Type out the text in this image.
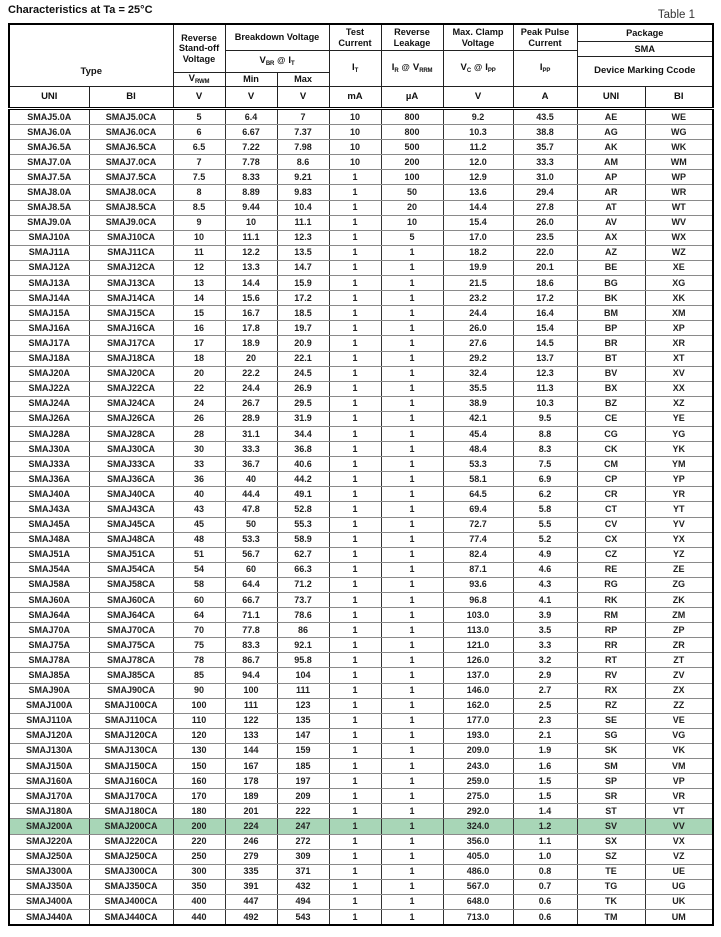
Characteristics at Ta = 25°C	Table 1
Type		Reverse Stand-off Voltage	Breakdown Voltage		Test Current	Reverse Leakage	Max. Clamp Voltage	Peak Pulse Current	Package
SMA
Device Marking Ccode	

			$V_{BR}$ @ $I_T$		$I_T$	$I_R$ @ $V_{RRM}$	$V_C$ @ $I_{PP}$	$I_{PP}$
		$V_{RWM}$	Min	Max						
UNI	BI	V	V	V	mA	µA	V	A	UNI	BI
SMAJ5.0A	SMAJ5.0CA	5	6.4	7	10	800	9.2	43.5	AE	WE
SMAJ6.0A	SMAJ6.0CA	6	6.67	7.37	10	800	10.3	38.8	AG	WG
SMAJ6.5A	SMAJ6.5CA	6.5	7.22	7.98	10	500	11.2	35.7	AK	WK
SMAJ7.0A	SMAJ7.0CA	7	7.78	8.6	10	200	12.0	33.3	AM	WM
SMAJ7.5A	SMAJ7.5CA	7.5	8.33	9.21	1	100	12.9	31.0	AP	WP
SMAJ8.0A	SMAJ8.0CA	8	8.89	9.83	1	50	13.6	29.4	AR	WR
SMAJ8.5A	SMAJ8.5CA	8.5	9.44	10.4	1	20	14.4	27.8	AT	WT
SMAJ9.0A	SMAJ9.0CA	9	10	11.1	1	10	15.4	26.0	AV	WV
SMAJ10A	SMAJ10CA	10	11.1	12.3	1	5	17.0	23.5	AX	WX
SMAJ11A	SMAJ11CA	11	12.2	13.5	1	1	18.2	22.0	AZ	WZ
SMAJ12A	SMAJ12CA	12	13.3	14.7	1	1	19.9	20.1	BE	XE
SMAJ13A	SMAJ13CA	13	14.4	15.9	1	1	21.5	18.6	BG	XG
SMAJ14A	SMAJ14CA	14	15.6	17.2	1	1	23.2	17.2	BK	XK
SMAJ15A	SMAJ15CA	15	16.7	18.5	1	1	24.4	16.4	BM	XM
SMAJ16A	SMAJ16CA	16	17.8	19.7	1	1	26.0	15.4	BP	XP
SMAJ17A	SMAJ17CA	17	18.9	20.9	1	1	27.6	14.5	BR	XR
SMAJ18A	SMAJ18CA	18	20	22.1	1	1	29.2	13.7	BT	XT
SMAJ20A	SMAJ20CA	20	22.2	24.5	1	1	32.4	12.3	BV	XV
SMAJ22A	SMAJ22CA	22	24.4	26.9	1	1	35.5	11.3	BX	XX
SMAJ24A	SMAJ24CA	24	26.7	29.5	1	1	38.9	10.3	BZ	XZ
SMAJ26A	SMAJ26CA	26	28.9	31.9	1	1	42.1	9.5	CE	YE
SMAJ28A	SMAJ28CA	28	31.1	34.4	1	1	45.4	8.8	CG	YG
SMAJ30A	SMAJ30CA	30	33.3	36.8	1	1	48.4	8.3	CK	YK
SMAJ33A	SMAJ33CA	33	36.7	40.6	1	1	53.3	7.5	CM	YM
SMAJ36A	SMAJ36CA	36	40	44.2	1	1	58.1	6.9	CP	YP
SMAJ40A	SMAJ40CA	40	44.4	49.1	1	1	64.5	6.2	CR	YR
SMAJ43A	SMAJ43CA	43	47.8	52.8	1	1	69.4	5.8	CT	YT
SMAJ45A	SMAJ45CA	45	50	55.3	1	1	72.7	5.5	CV	YV
SMAJ48A	SMAJ48CA	48	53.3	58.9	1	1	77.4	5.2	CX	YX
SMAJ51A	SMAJ51CA	51	56.7	62.7	1	1	82.4	4.9	CZ	YZ
SMAJ54A	SMAJ54CA	54	60	66.3	1	1	87.1	4.6	RE	ZE
SMAJ58A	SMAJ58CA	58	64.4	71.2	1	1	93.6	4.3	RG	ZG
SMAJ60A	SMAJ60CA	60	66.7	73.7	1	1	96.8	4.1	RK	ZK
SMAJ64A	SMAJ64CA	64	71.1	78.6	1	1	103.0	3.9	RM	ZM
SMAJ70A	SMAJ70CA	70	77.8	86	1	1	113.0	3.5	RP	ZP
SMAJ75A	SMAJ75CA	75	83.3	92.1	1	1	121.0	3.3	RR	ZR
SMAJ78A	SMAJ78CA	78	86.7	95.8	1	1	126.0	3.2	RT	ZT
SMAJ85A	SMAJ85CA	85	94.4	104	1	1	137.0	2.9	RV	ZV
SMAJ90A	SMAJ90CA	90	100	111	1	1	146.0	2.7	RX	ZX
SMAJ100A	SMAJ100CA	100	111	123	1	1	162.0	2.5	RZ	ZZ
SMAJ110A	SMAJ110CA	110	122	135	1	1	177.0	2.3	SE	VE
SMAJ120A	SMAJ120CA	120	133	147	1	1	193.0	2.1	SG	VG
SMAJ130A	SMAJ130CA	130	144	159	1	1	209.0	1.9	SK	VK
SMAJ150A	SMAJ150CA	150	167	185	1	1	243.0	1.6	SM	VM
SMAJ160A	SMAJ160CA	160	178	197	1	1	259.0	1.5	SP	VP
SMAJ170A	SMAJ170CA	170	189	209	1	1	275.0	1.5	SR	VR
SMAJ180A	SMAJ180CA	180	201	222	1	1	292.0	1.4	ST	VT
SMAJ200A	SMAJ200CA	200	224	247	1	1	324.0	1.2	SV	VV
SMAJ220A	SMAJ220CA	220	246	272	1	1	356.0	1.1	SX	VX
SMAJ250A	SMAJ250CA	250	279	309	1	1	405.0	1.0	SZ	VZ
SMAJ300A	SMAJ300CA	300	335	371	1	1	486.0	0.8	TE	UE
SMAJ350A	SMAJ350CA	350	391	432	1	1	567.0	0.7	TG	UG
SMAJ400A	SMAJ400CA	400	447	494	1	1	648.0	0.6	TK	UK
SMAJ440A	SMAJ440CA	440	492	543	1	1	713.0	0.6	TM	UM
